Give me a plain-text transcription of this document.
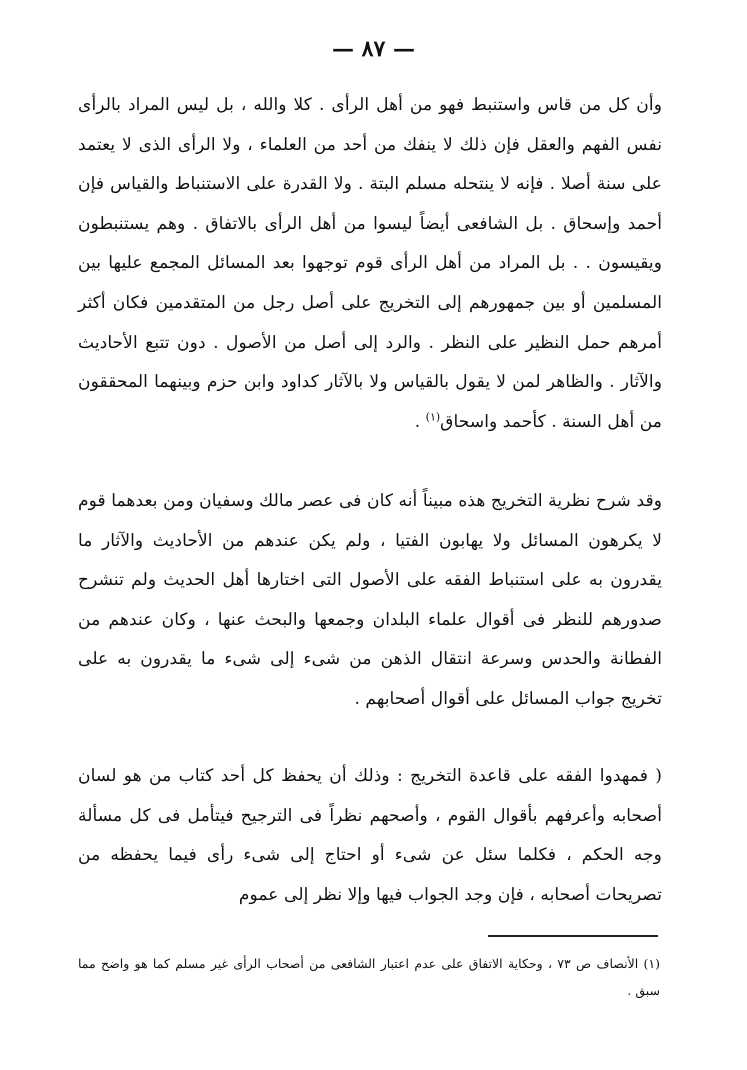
— ٨٧ —

وأن كل من قاس واستنبط فهو من أهل الرأى . كلا والله ، بل ليس المراد بالرأى نفس الفهم والعقل فإن ذلك لا ينفك من أحد من العلماء ، ولا الرأى الذى لا يعتمد على سنة أصلا . فإنه لا ينتحله مسلم البتة . ولا القدرة على الاستنباط والقياس فإن أحمد وإسحاق . بل الشافعى أيضاً ليسوا من أهل الرأى بالاتفاق . وهم يستنبطون ويقيسون . . بل المراد من أهل الرأى قوم توجهوا بعد المسائل المجمع عليها بين المسلمين أو بين جمهورهم إلى التخريج على أصل رجل من المتقدمين فكان أكثر أمرهم حمل النظير على النظر . والرد إلى أصل من الأصول . دون تتبع الأحاديث والآثار . والظاهر لمن لا يقول بالقياس ولا بالآثار كداود وابن حزم وبينهما المحققون من أهل السنة . كأحمد واسحاق$^{(١)}$ .

وقد شرح نظرية التخريج هذه مبيناً أنه كان فى عصر مالك وسفيان ومن بعدهما قوم لا يكرهون المسائل ولا يهابون الفتيا ، ولم يكن عندهم من الأحاديث والآثار ما يقدرون به على استنباط الفقه على الأصول التى اختارها أهل الحديث ولم تنشرح صدورهم للنظر فى أقوال علماء البلدان وجمعها والبحث عنها ، وكان عندهم من الفطانة والحدس وسرعة انتقال الذهن من شىء إلى شىء ما يقدرون به على تخريج جواب المسائل على أقوال أصحابهم .

( فمهدوا الفقه على قاعدة التخريج : وذلك أن يحفظ كل أحد كتاب من هو لسان أصحابه وأعرفهم بأقوال القوم ، وأصحهم نظراً فى الترجيح فيتأمل فى كل مسألة وجه الحكم ، فكلما سئل عن شىء أو احتاج إلى شىء رأى فيما يحفظه من تصريحات أصحابه ، فإن وجد الجواب فيها وإلا نظر إلى عموم

(١) الأنصاف ص ٧٣ ، وحكاية الاتفاق على عدم اعتبار الشافعى من أصحاب الرأى غير مسلم كما هو واضح مما سبق .
